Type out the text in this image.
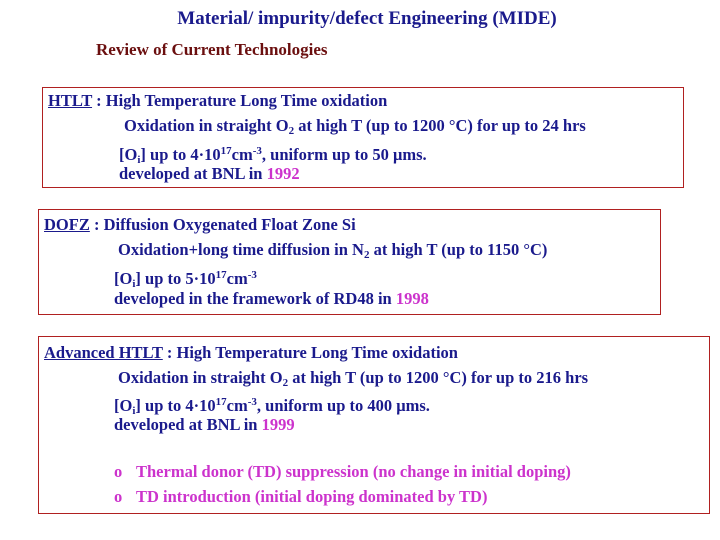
Material/ impurity/defect Engineering (MIDE)
Review of Current Technologies
HTLT : High Temperature Long Time oxidation
Oxidation in straight $O_2$ at high T (up to 1200 °C) for up to 24 hrs
$[O_i]$ up to $4\cdot 10^{17}cm^{-3}$, uniform up to 50 μms.
developed at BNL in 1992
DOFZ : Diffusion Oxygenated Float Zone Si
Oxidation+long time diffusion in $N_2$ at high T (up to 1150 °C)
$[O_i]$ up to $5\cdot 10^{17}cm^{-3}$
developed in the framework of RD48 in 1998
Advanced HTLT : High Temperature Long Time oxidation
Oxidation in straight $O_2$ at high T (up to 1200 °C) for up to 216 hrs
$[O_i]$ up to $4\cdot 10^{17}cm^{-3}$, uniform up to 400 μms.
developed at BNL in 1999
o Thermal donor (TD) suppression (no change in initial doping)
o TD introduction (initial doping dominated by TD)
